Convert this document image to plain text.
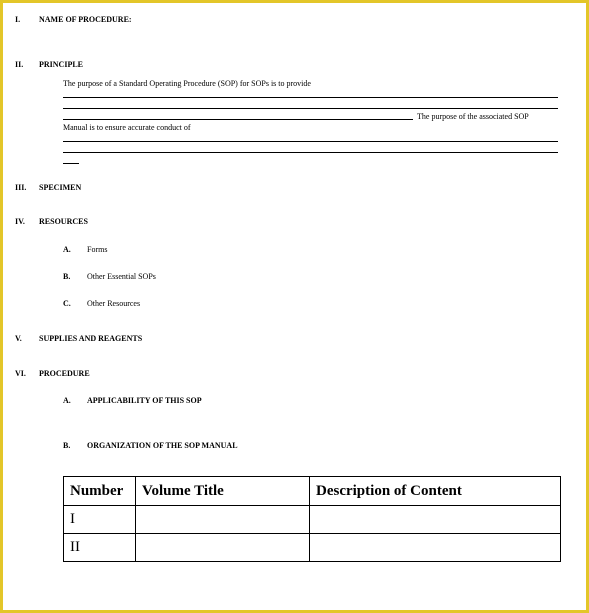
I. NAME OF PROCEDURE:
II. PRINCIPLE
The purpose of a Standard Operating Procedure (SOP) for SOPs is to provide
The purpose of the associated SOP
Manual is to ensure accurate conduct of
III. SPECIMEN
IV. RESOURCES
A. Forms
B. Other Essential SOPs
C. Other Resources
V. SUPPLIES AND REAGENTS
VI. PROCEDURE
A. APPLICABILITY OF THIS SOP
B. ORGANIZATION OF THE SOP MANUAL
Number	Volume Title	Description of Content
I		
II		
